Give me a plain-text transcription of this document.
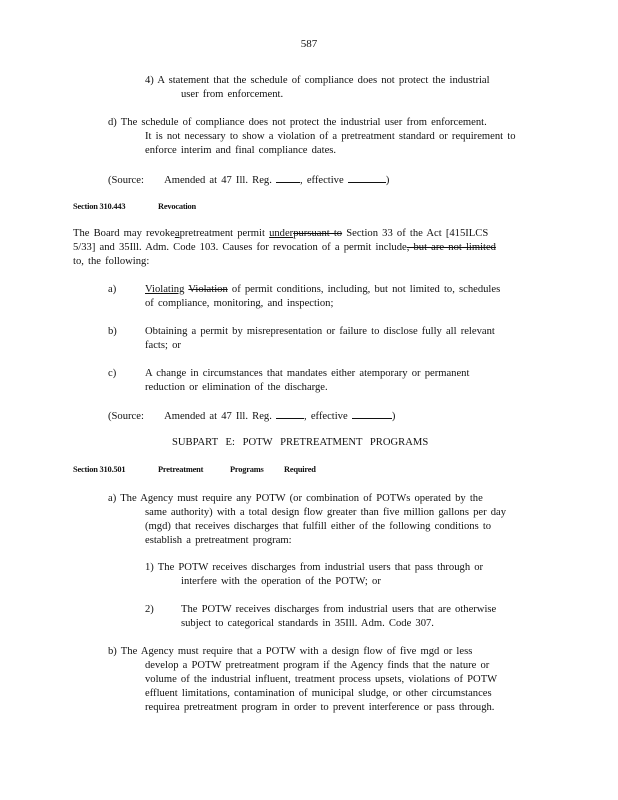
587
4) A statement that the schedule of compliance does not protect the industrial
user from enforcement.
d) The schedule of compliance does not protect the industrial user from enforcement.
It is not necessary to show a violation of a pretreatment standard or requirement to
enforce interim and final compliance dates.
(Source: Amended at 47 Ill. Reg.	, effective	)
Section 310.443	Revocation
The Board may revokeapretreatment permit underpursuant to Section 33 of the Act [415ILCS
5/33] and 35Ill. Adm. Code 103. Causes for revocation of a permit include, but are not limited
to, the following:
a)	Violating Violation of permit conditions, including, but not limited to, schedules
of compliance, monitoring, and inspection;
b)	Obtaining a permit by misrepresentation or failure to disclose fully all relevant
facts; or
c)	A change in circumstances that mandates either atemporary or permanent
reduction or elimination of the discharge.
(Source: Amended at 47 Ill. Reg.	, effective	)
SUBPART E: POTW PRETREATMENT PROGRAMS
Section 310.501	Pretreatment	Programs Required
a) The Agency must require any POTW (or combination of POTWs operated by the
same authority) with a total design flow greater than five million gallons per day
(mgd) that receives discharges that fulfill either of the following conditions to
establish a pretreatment program:
1) The POTW receives discharges from industrial users that pass through or
interfere with the operation of the POTW; or
2)	The POTW receives discharges from industrial users that are otherwise
subject to categorical standards in 35Ill. Adm. Code 307.
b) The Agency must require that a POTW with a design flow of five mgd or less
develop a POTW pretreatment program if the Agency finds that the nature or
volume of the industrial influent, treatment process upsets, violations of POTW
effluent limitations, contamination of municipal sludge, or other circumstances
requirea pretreatment program in order to prevent interference or pass through.
